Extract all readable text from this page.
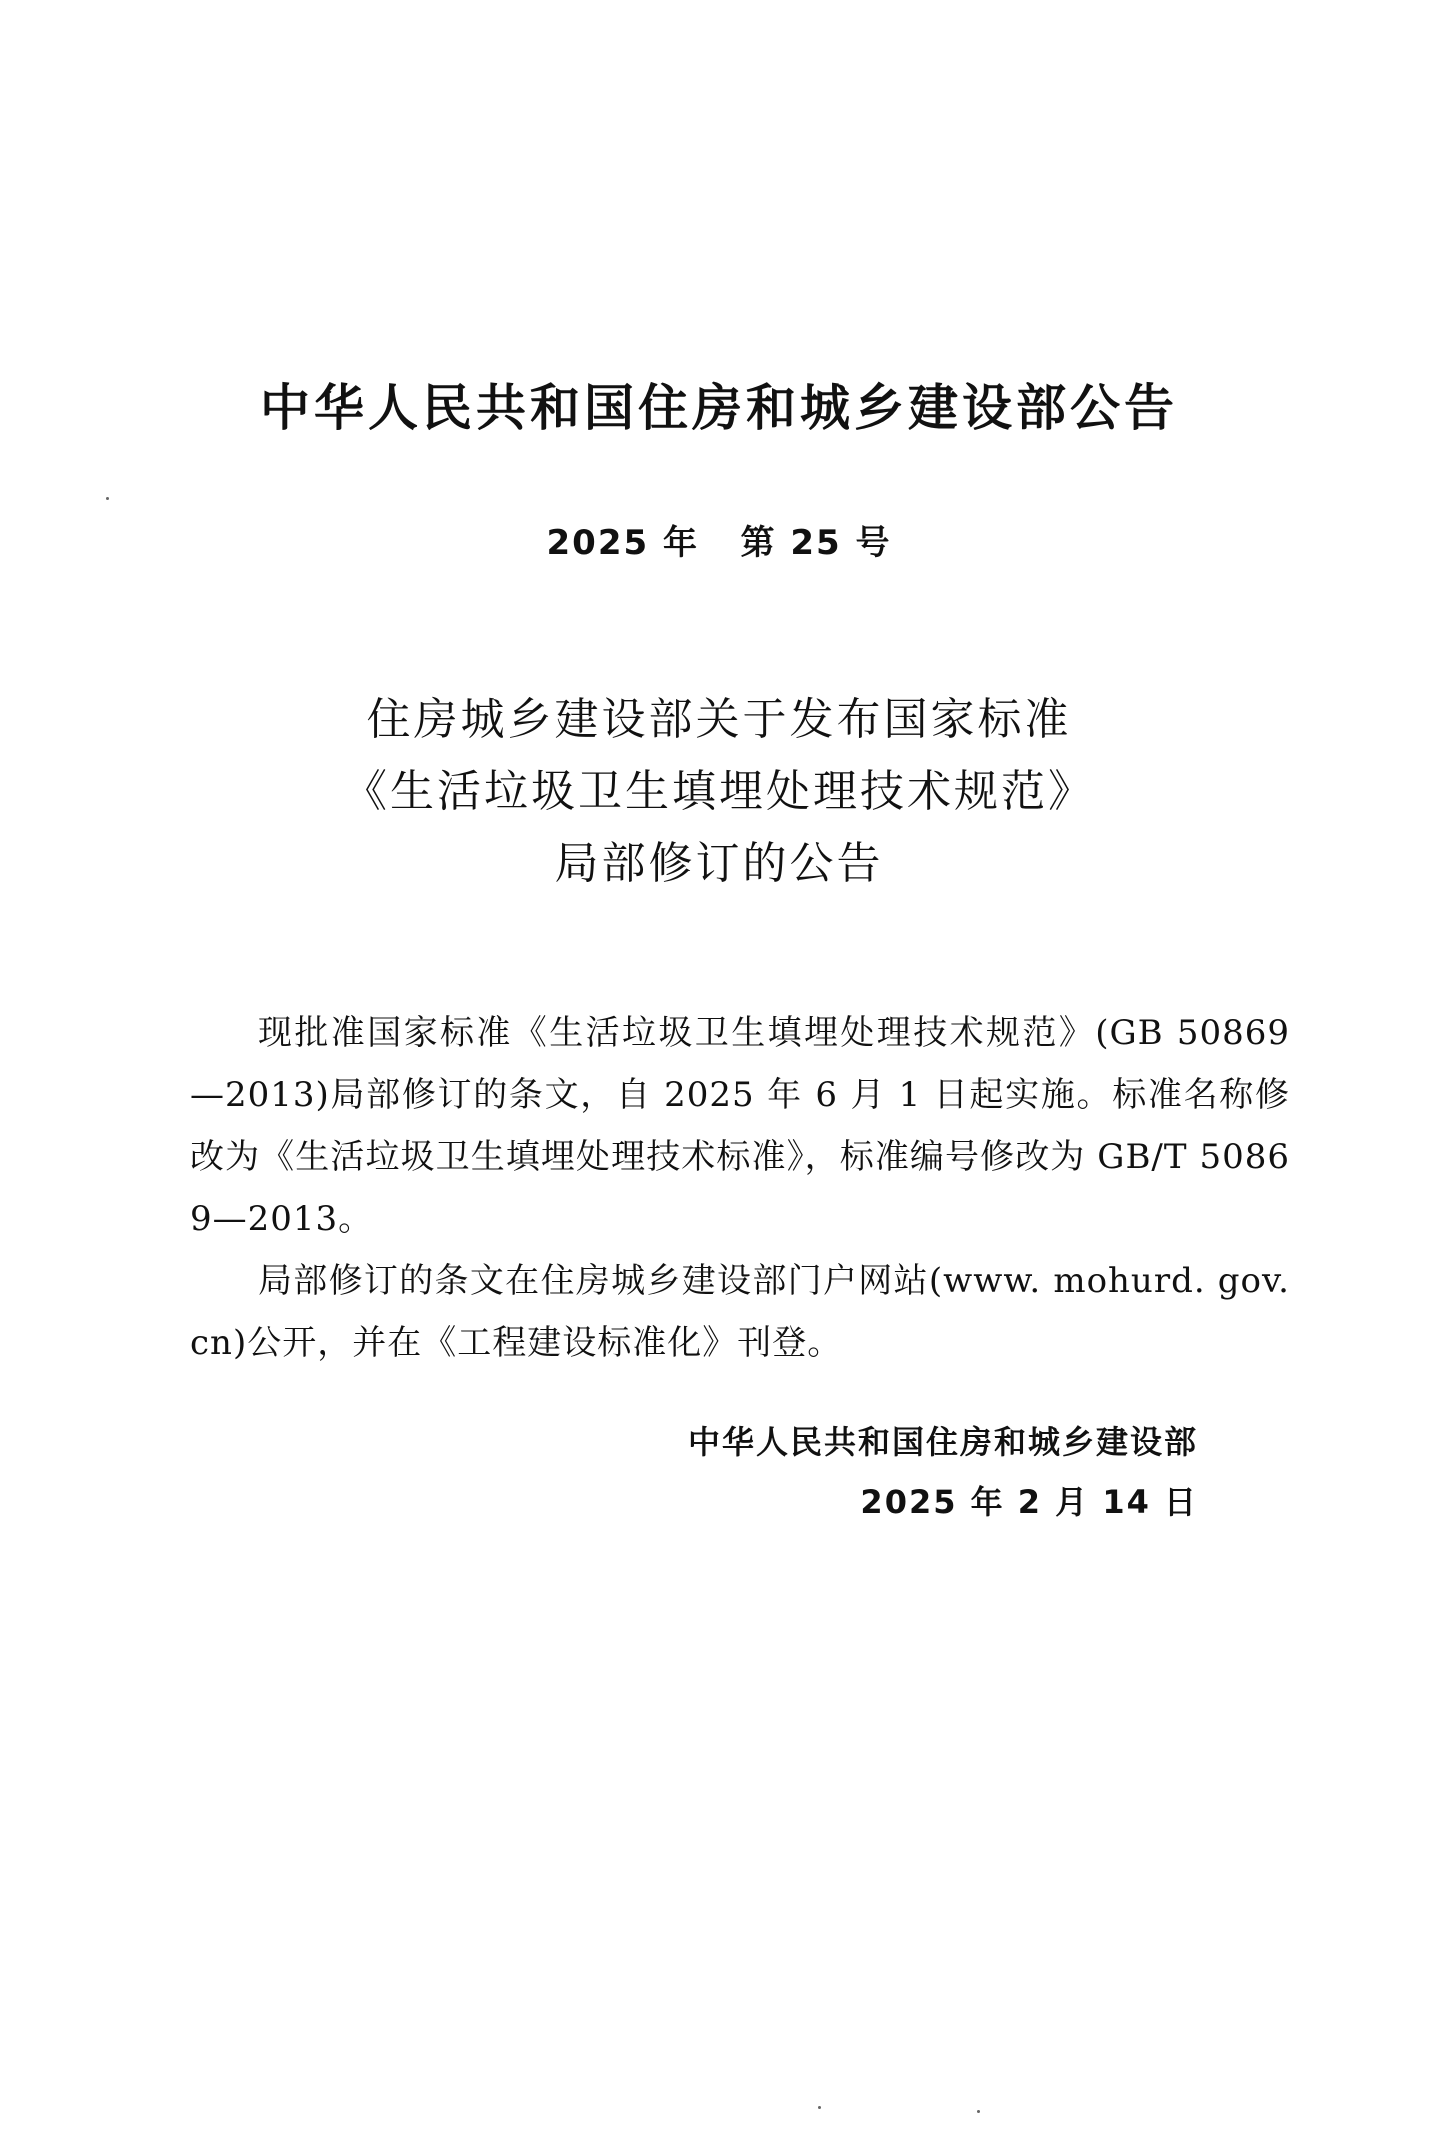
中华人民共和国住房和城乡建设部公告
2025 年   第 25 号
住房城乡建设部关于发布国家标准
《生活垃圾卫生填埋处理技术规范》
局部修订的公告

现批准国家标准《生活垃圾卫生填埋处理技术规范》(GB 50869—2013)局部修订的条文，自 2025 年 6 月 1 日起实施。标准名称修改为《生活垃圾卫生填埋处理技术标准》，标准编号修改为 GB/T 50869—2013。

局部修订的条文在住房城乡建设部门户网站(www. mohurd. gov. cn)公开，并在《工程建设标准化》刊登。

中华人民共和国住房和城乡建设部
2025 年 2 月 14 日
